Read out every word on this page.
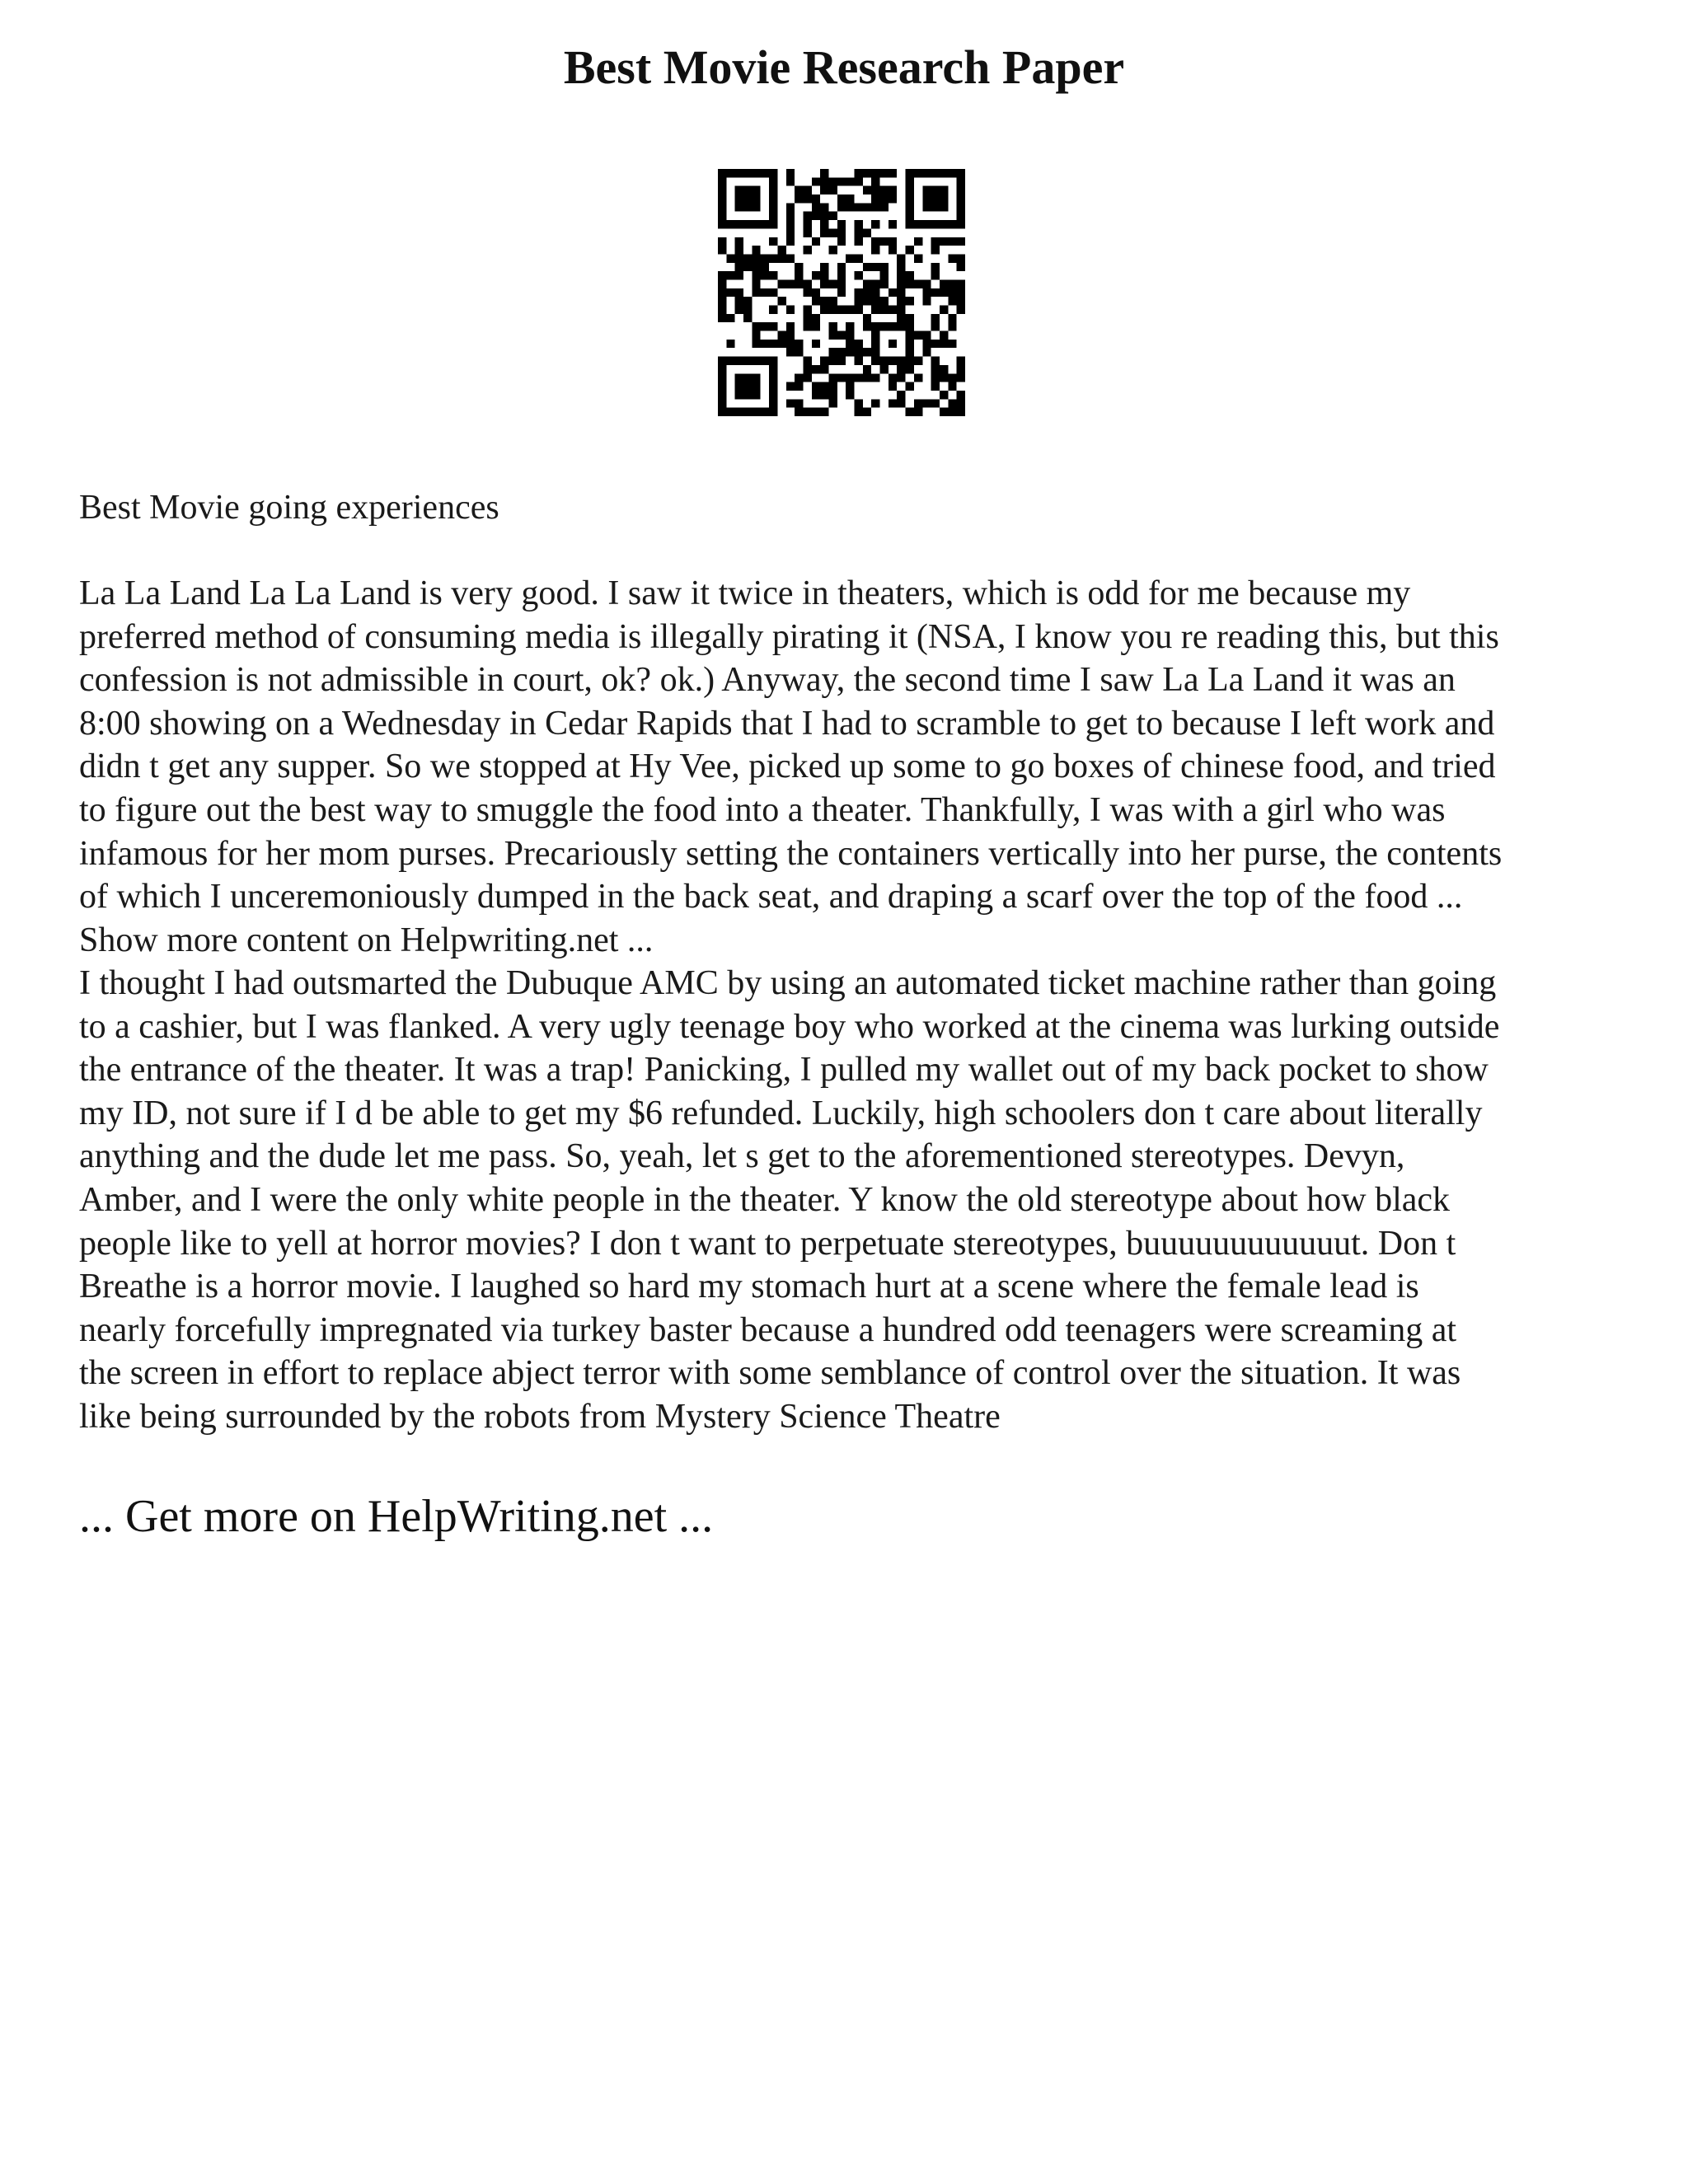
Best Movie Research Paper
Best Movie going experiences
La La Land La La Land is very good. I saw it twice in theaters, which is odd for me because my
preferred method of consuming media is illegally pirating it (NSA, I know you re reading this, but this
confession is not admissible in court, ok? ok.) Anyway, the second time I saw La La Land it was an
8:00 showing on a Wednesday in Cedar Rapids that I had to scramble to get to because I left work and
didn t get any supper. So we stopped at Hy Vee, picked up some to go boxes of chinese food, and tried
to figure out the best way to smuggle the food into a theater. Thankfully, I was with a girl who was
infamous for her mom purses. Precariously setting the containers vertically into her purse, the contents
of which I unceremoniously dumped in the back seat, and draping a scarf over the top of the food ...
Show more content on Helpwriting.net ...
I thought I had outsmarted the Dubuque AMC by using an automated ticket machine rather than going
to a cashier, but I was flanked. A very ugly teenage boy who worked at the cinema was lurking outside
the entrance of the theater. It was a trap! Panicking, I pulled my wallet out of my back pocket to show
my ID, not sure if I d be able to get my $6 refunded. Luckily, high schoolers don t care about literally
anything and the dude let me pass. So, yeah, let s get to the aforementioned stereotypes. Devyn,
Amber, and I were the only white people in the theater. Y know the old stereotype about how black
people like to yell at horror movies? I don t want to perpetuate stereotypes, buuuuuuuuuuuut. Don t
Breathe is a horror movie. I laughed so hard my stomach hurt at a scene where the female lead is
nearly forcefully impregnated via turkey baster because a hundred odd teenagers were screaming at
the screen in effort to replace abject terror with some semblance of control over the situation. It was
like being surrounded by the robots from Mystery Science Theatre
... Get more on HelpWriting.net ...
